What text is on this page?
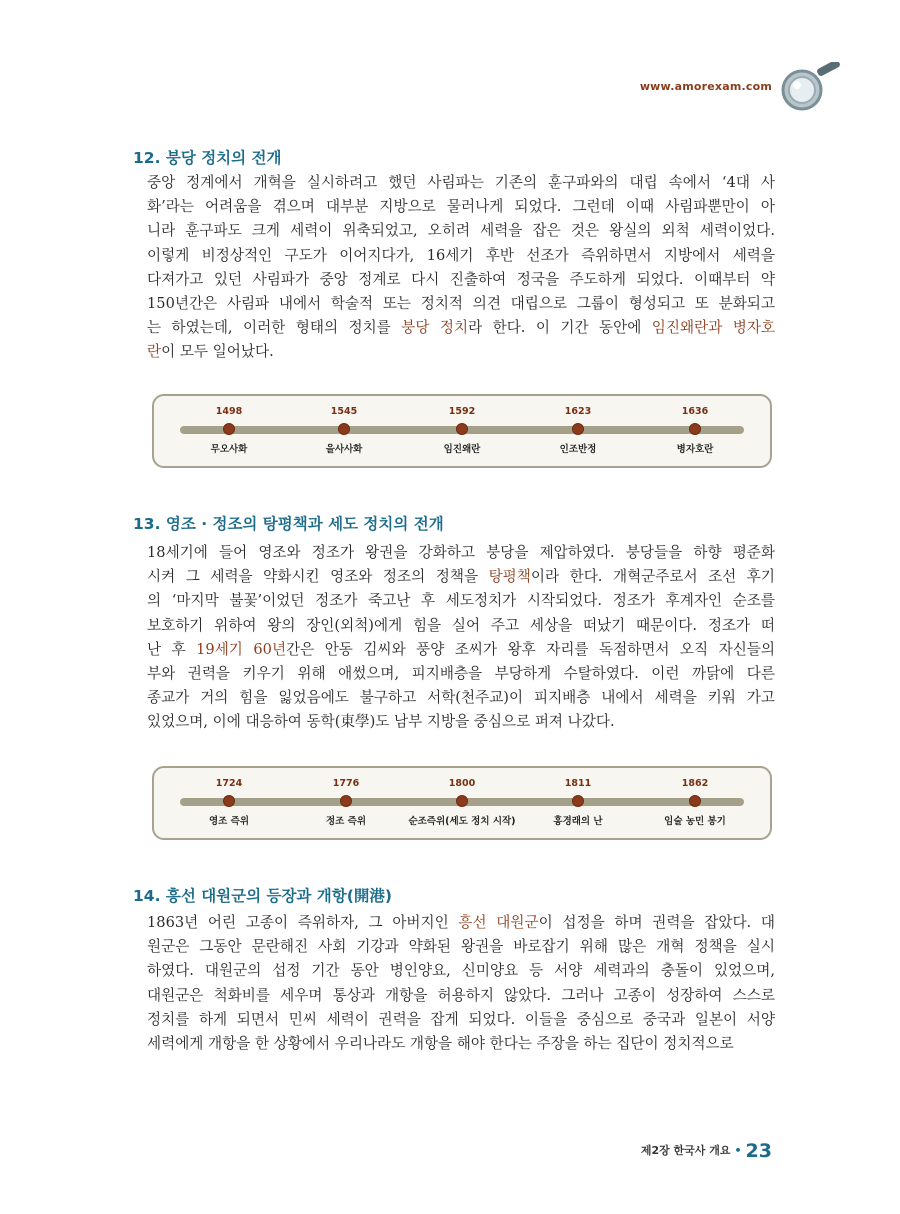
www.amorexam.com
12. 붕당 정치의 전개
중앙 정계에서 개혁을 실시하려고 했던 사림파는 기존의 훈구파와의 대립 속에서 ‘4대 사
화’라는 어려움을 겪으며 대부분 지방으로 물러나게 되었다. 그런데 이때 사림파뿐만이 아
니라 훈구파도 크게 세력이 위축되었고, 오히려 세력을 잡은 것은 왕실의 외척 세력이었다.
이렇게 비정상적인 구도가 이어지다가, 16세기 후반 선조가 즉위하면서 지방에서 세력을
다져가고 있던 사림파가 중앙 정계로 다시 진출하여 정국을 주도하게 되었다. 이때부터 약
150년간은 사림파 내에서 학술적 또는 정치적 의견 대립으로 그룹이 형성되고 또 분화되고
는 하였는데, 이러한 형태의 정치를 붕당 정치라 한다. 이 기간 동안에 임진왜란과 병자호
란이 모두 일어났다.
1498
무오사화
1545
을사사화
1592
임진왜란
1623
인조반정
1636
병자호란
13. 영조 · 정조의 탕평책과 세도 정치의 전개
18세기에 들어 영조와 정조가 왕권을 강화하고 붕당을 제압하였다. 붕당들을 하향 평준화
시켜 그 세력을 약화시킨 영조와 정조의 정책을 탕평책이라 한다. 개혁군주로서 조선 후기
의 ‘마지막 불꽃’이었던 정조가 죽고난 후 세도정치가 시작되었다. 정조가 후계자인 순조를
보호하기 위하여 왕의 장인(외척)에게 힘을 실어 주고 세상을 떠났기 때문이다. 정조가 떠
난 후 19세기 60년간은 안동 김씨와 풍양 조씨가 왕후 자리를 독점하면서 오직 자신들의
부와 권력을 키우기 위해 애썼으며, 피지배층을 부당하게 수탈하였다. 이런 까닭에 다른
종교가 거의 힘을 잃었음에도 불구하고 서학(천주교)이 피지배층 내에서 세력을 키워 가고
있었으며, 이에 대응하여 동학(東學)도 남부 지방을 중심으로 퍼져 나갔다.
1724
영조 즉위
1776
정조 즉위
1800
순조즉위(세도 정치 시작)
1811
홍경래의 난
1862
임술 농민 봉기
14. 흥선 대원군의 등장과 개항(開港)
1863년 어린 고종이 즉위하자, 그 아버지인 흥선 대원군이 섭정을 하며 권력을 잡았다. 대
원군은 그동안 문란해진 사회 기강과 약화된 왕권을 바로잡기 위해 많은 개혁 정책을 실시
하였다. 대원군의 섭정 기간 동안 병인양요, 신미양요 등 서양 세력과의 충돌이 있었으며,
대원군은 척화비를 세우며 통상과 개항을 허용하지 않았다. 그러나 고종이 성장하여 스스로
정치를 하게 되면서 민씨 세력이 권력을 잡게 되었다. 이들을 중심으로 중국과 일본이 서양
세력에게 개항을 한 상황에서 우리나라도 개항을 해야 한다는 주장을 하는 집단이 정치적으로
제2장 한국사 개요 • 23
